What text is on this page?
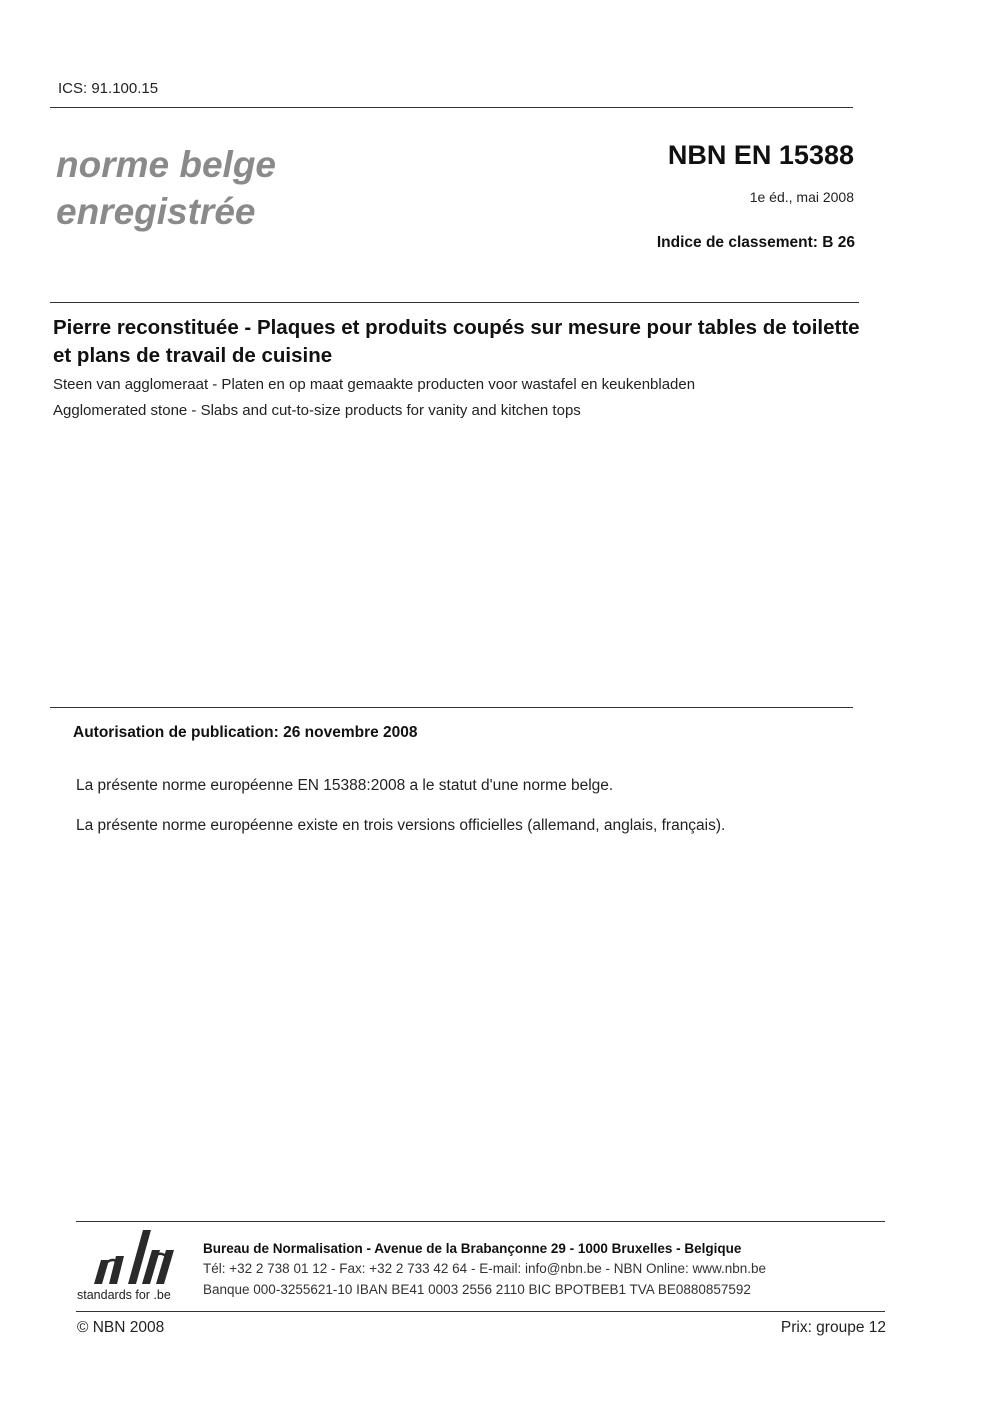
ICS: 91.100.15

norme belge
enregistrée

NBN EN 15388

1e éd., mai 2008

Indice de classement: B 26

Pierre reconstituée - Plaques et produits coupés sur mesure pour tables de toilette et plans de travail de cuisine

Steen van agglomeraat - Platen en op maat gemaakte producten voor wastafel en keukenbladen

Agglomerated stone - Slabs and cut-to-size products for vanity and kitchen tops

Autorisation de publication: 26 novembre 2008

La présente norme européenne EN 15388:2008 a le statut d'une norme belge.

La présente norme européenne existe en trois versions officielles (allemand, anglais, français).

standards for .be

Bureau de Normalisation - Avenue de la Brabançonne 29 - 1000 Bruxelles - Belgique

Tél: +32 2 738 01 12 - Fax: +32 2 733 42 64 - E-mail: info@nbn.be - NBN Online: www.nbn.be

Banque 000-3255621-10 IBAN BE41 0003 2556 2110 BIC BPOTBEB1 TVA BE0880857592

© NBN 2008	Prix: groupe 12
